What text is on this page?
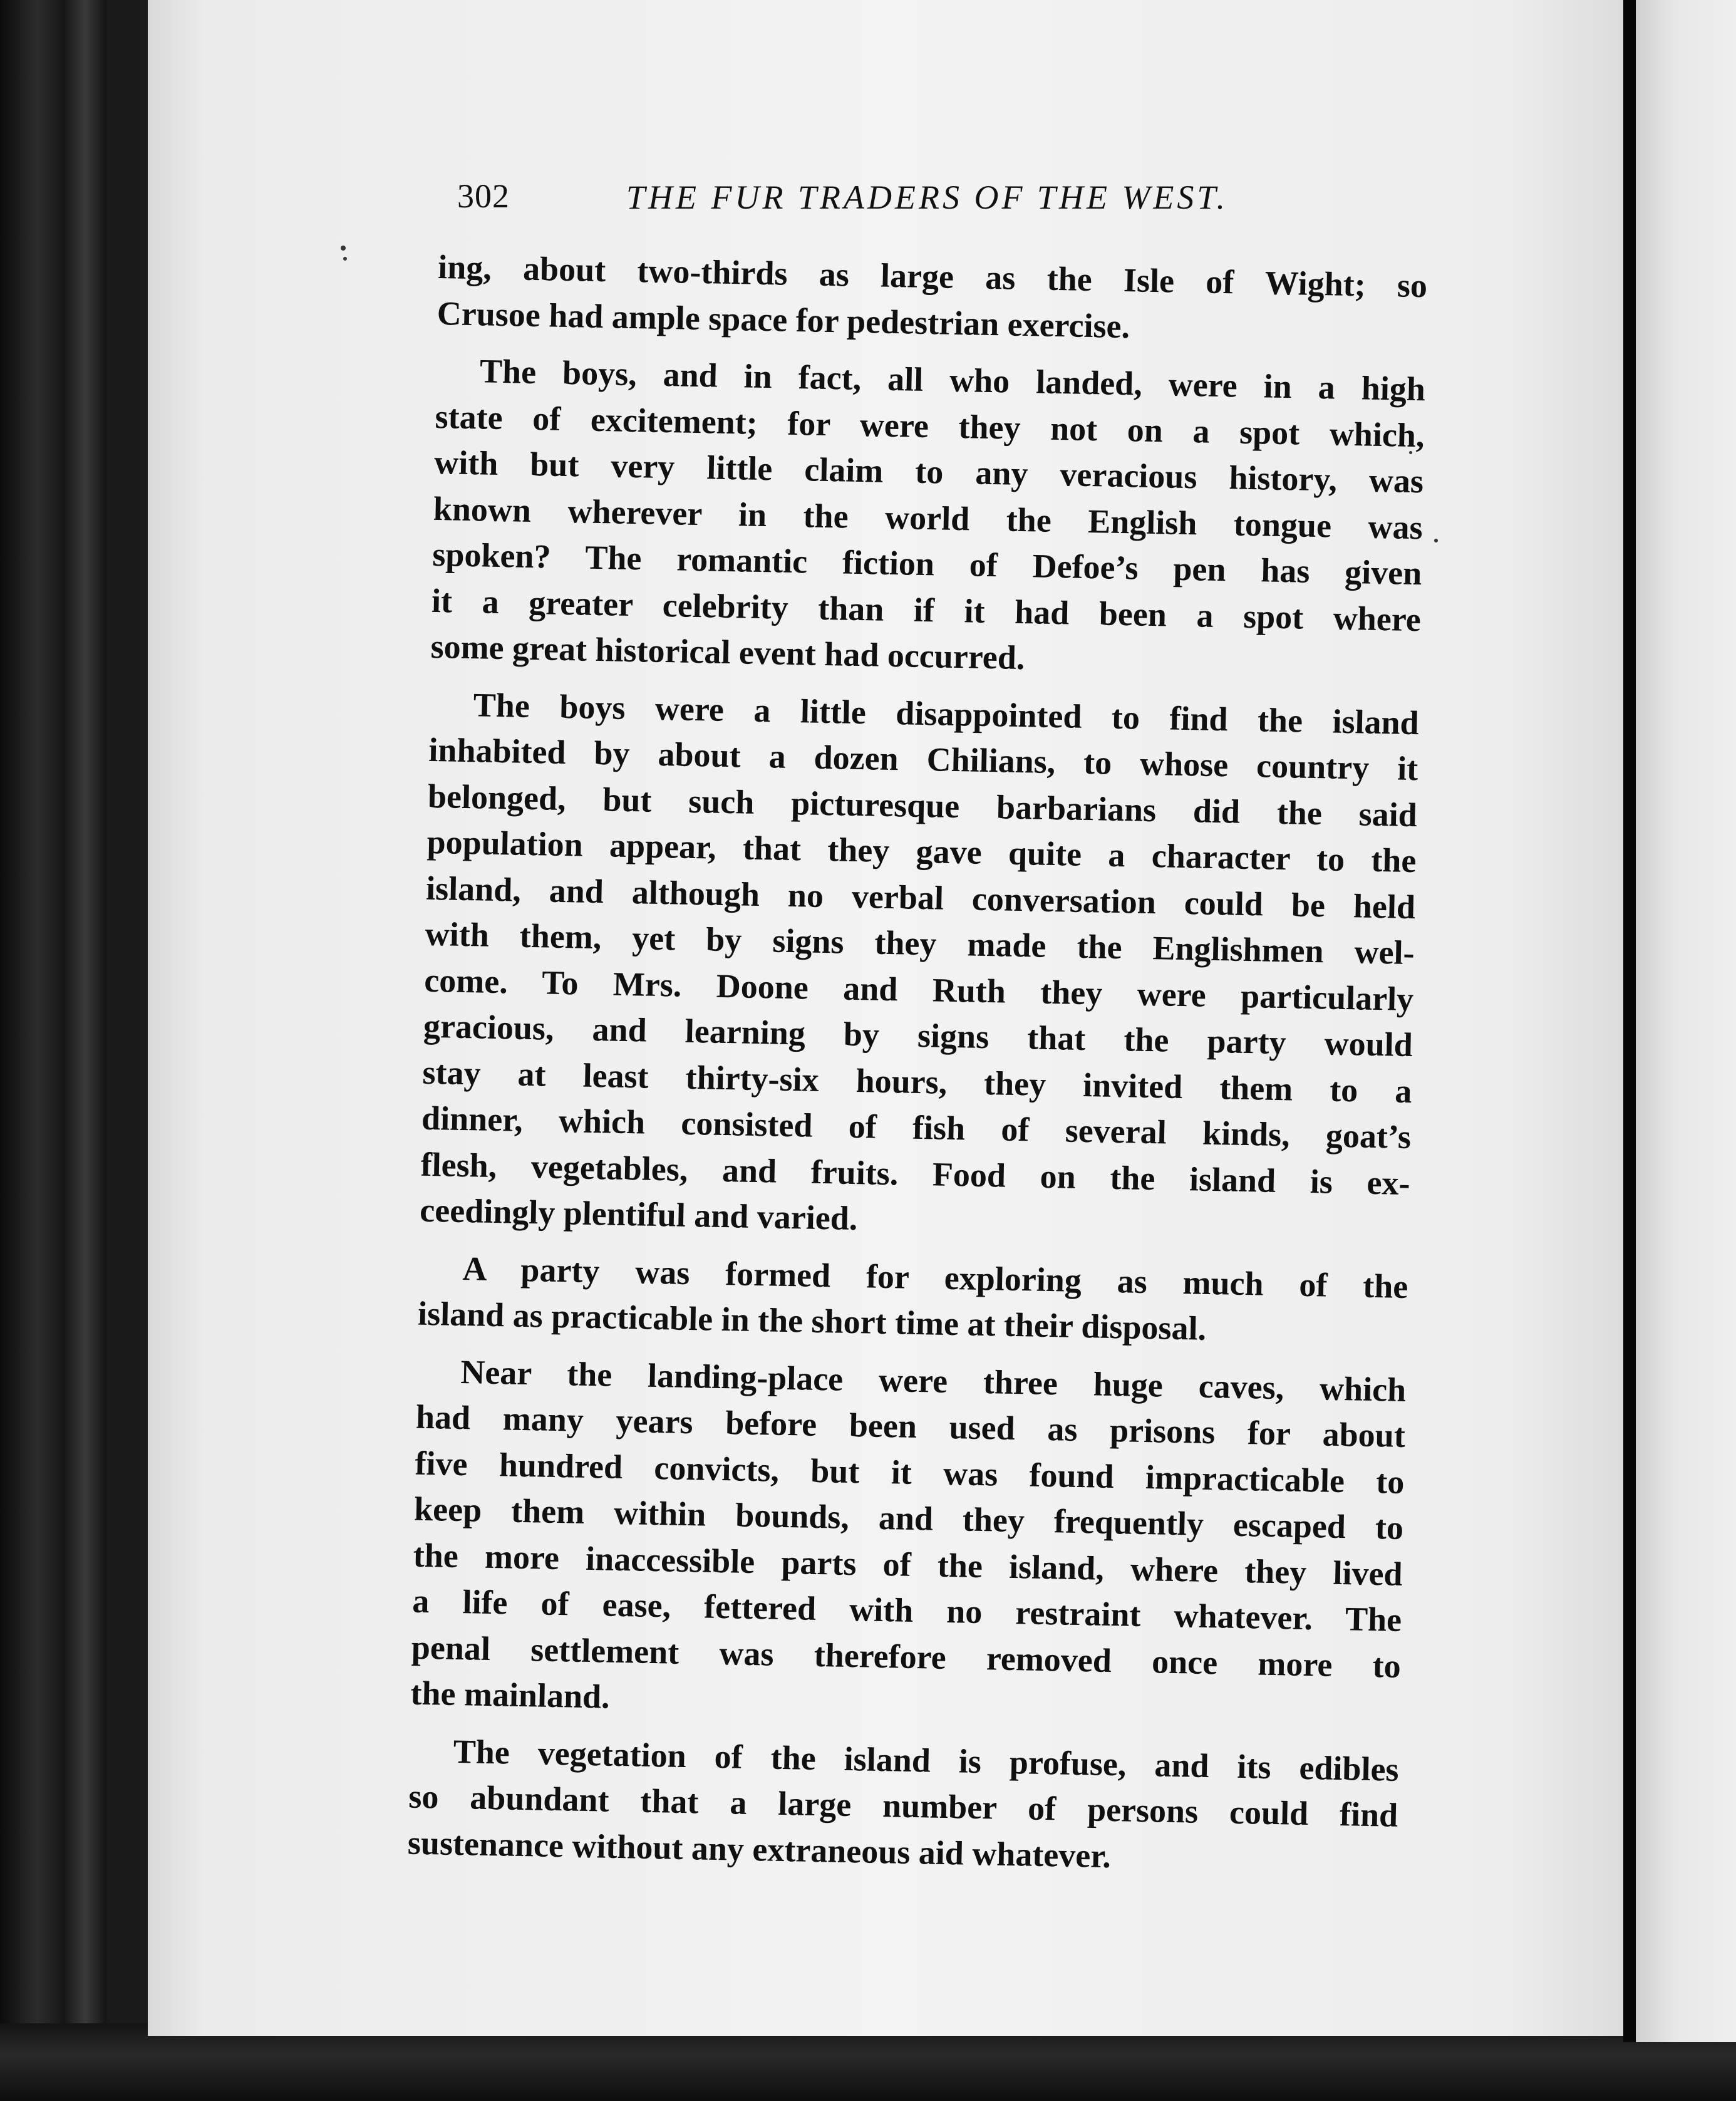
302	THE FUR TRADERS OF THE WEST.
ing, about two-thirds as large as the Isle of Wight; so
Crusoe had ample space for pedestrian exercise.
The boys, and in fact, all who landed, were in a high
state of excitement; for were they not on a spot which,
with but very little claim to any veracious history, was
known wherever in the world the English tongue was
spoken? The romantic fiction of Defoe’s pen has given
it a greater celebrity than if it had been a spot where
some great historical event had occurred.
The boys were a little disappointed to find the island
inhabited by about a dozen Chilians, to whose country it
belonged, but such picturesque barbarians did the said
population appear, that they gave quite a character to the
island, and although no verbal conversation could be held
with them, yet by signs they made the Englishmen wel-
come. To Mrs. Doone and Ruth they were particularly
gracious, and learning by signs that the party would
stay at least thirty-six hours, they invited them to a
dinner, which consisted of fish of several kinds, goat’s
flesh, vegetables, and fruits. Food on the island is ex-
ceedingly plentiful and varied.
A party was formed for exploring as much of the
island as practicable in the short time at their disposal.
Near the landing-place were three huge caves, which
had many years before been used as prisons for about
five hundred convicts, but it was found impracticable to
keep them within bounds, and they frequently escaped to
the more inaccessible parts of the island, where they lived
a life of ease, fettered with no restraint whatever. The
penal settlement was therefore removed once more to
the mainland.
The vegetation of the island is profuse, and its edibles
so abundant that a large number of persons could find
sustenance without any extraneous aid whatever.
